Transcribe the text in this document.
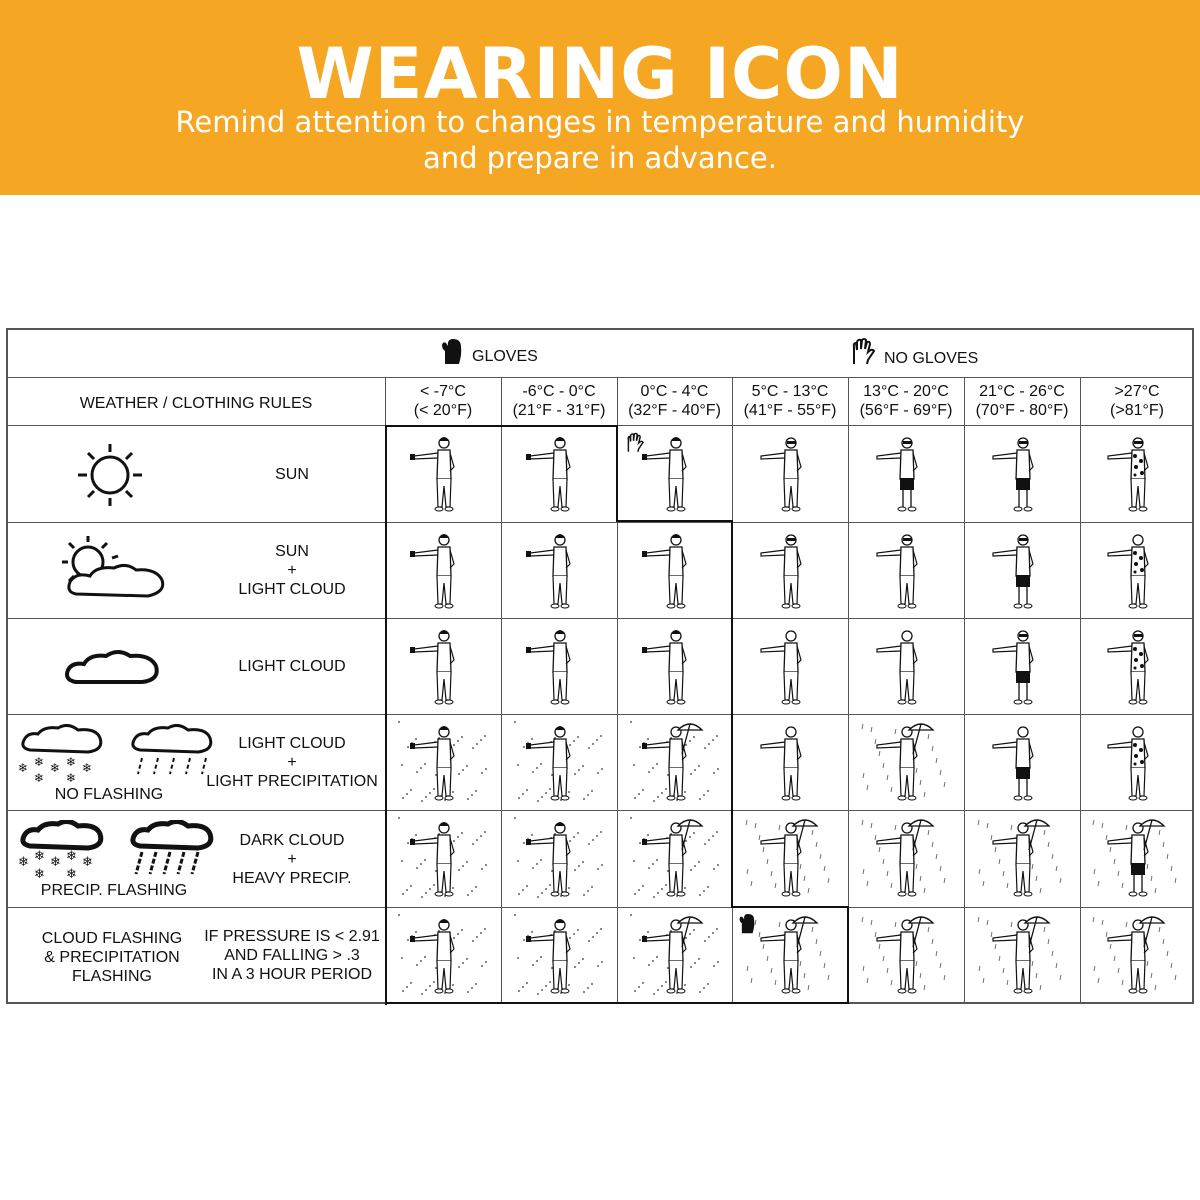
WEARING ICON
Remind attention to changes in temperature and humidity
and prepare in advance.
GLOVES	NO GLOVES
WEATHER / CLOTHING RULES
❄ ❄ ❄ ❄ ❄
❄ ❄
NO FLASHING
❄ ❄ ❄ ❄ ❄
❄ ❄
PRECIP. FLASHING
CLOUD FLASHING
& PRECIPITATION
FLASHING
< -7°C
(< 20°F)
-6°C - 0°C
(21°F - 31°F)
0°C - 4°C
(32°F - 40°F)
5°C - 13°C
(41°F - 55°F)
13°C - 20°C
(56°F - 69°F)
21°C - 26°C
(70°F - 80°F)
>27°C
(>81°F)
SUN
SUN
+
LIGHT CLOUD
LIGHT CLOUD
LIGHT CLOUD
+
LIGHT PRECIPITATION
DARK CLOUD
+
HEAVY PRECIP.
IF PRESSURE IS < 2.91
AND FALLING > .3
IN A 3 HOUR PERIOD
